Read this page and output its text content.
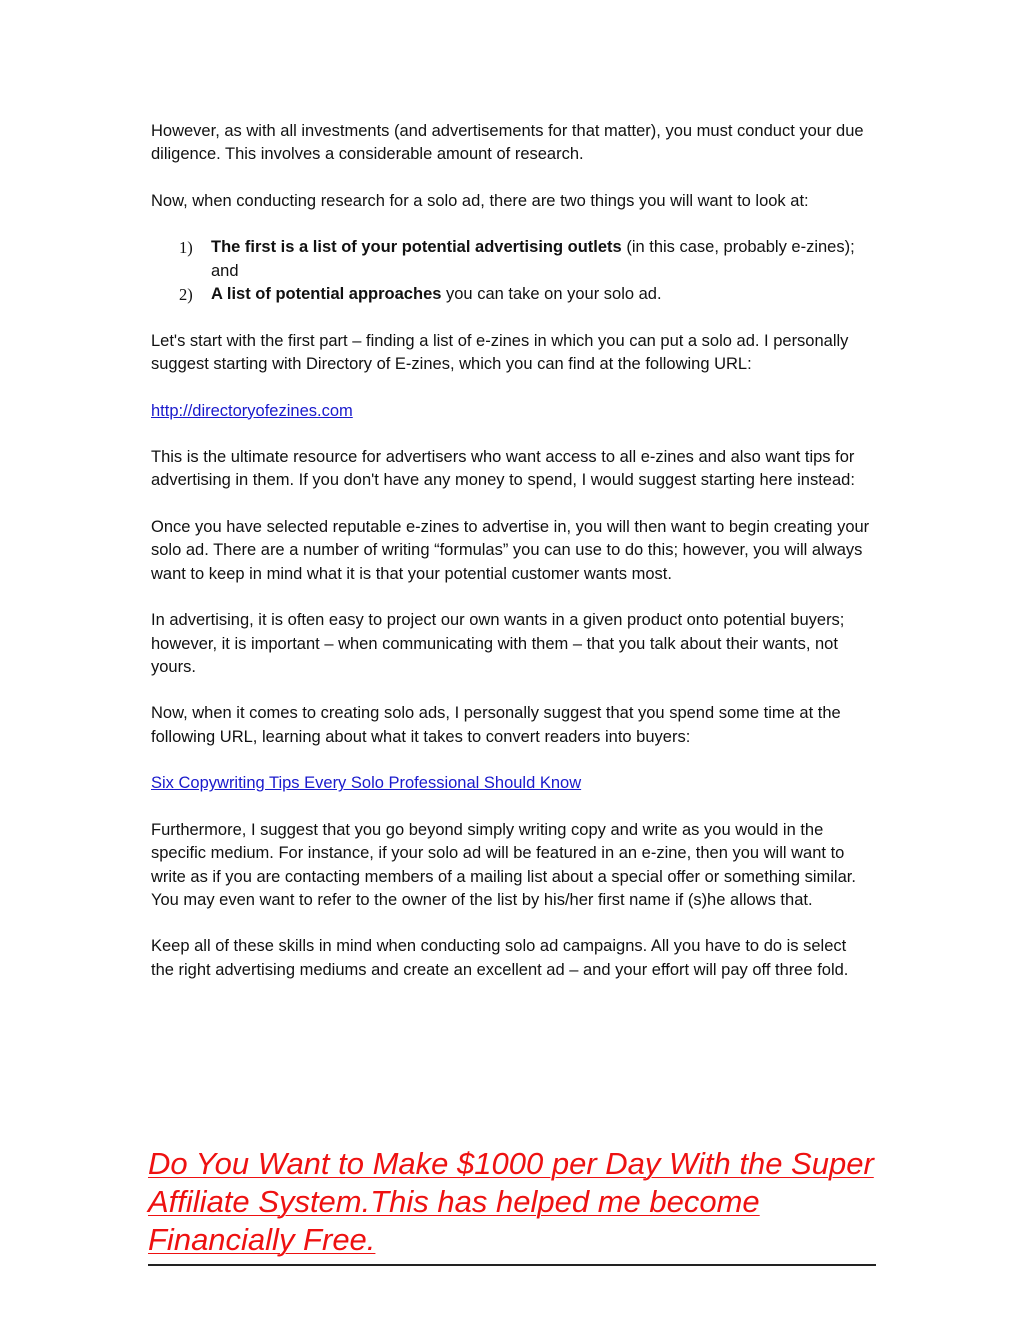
However, as with all investments (and advertisements for that matter), you must conduct your due diligence. This involves a considerable amount of research.

Now, when conducting research for a solo ad, there are two things you will want to look at:

1) The first is a list of your potential advertising outlets (in this case, probably e-zines); and
2) A list of potential approaches you can take on your solo ad.

Let's start with the first part – finding a list of e-zines in which you can put a solo ad. I personally suggest starting with Directory of E-zines, which you can find at the following URL:

http://directoryofezines.com

This is the ultimate resource for advertisers who want access to all e-zines and also want tips for advertising in them. If you don't have any money to spend, I would suggest starting here instead:

Once you have selected reputable e-zines to advertise in, you will then want to begin creating your solo ad. There are a number of writing “formulas” you can use to do this; however, you will always want to keep in mind what it is that your potential customer wants most.

In advertising, it is often easy to project our own wants in a given product onto potential buyers; however, it is important – when communicating with them – that you talk about their wants, not yours.

Now, when it comes to creating solo ads, I personally suggest that you spend some time at the following URL, learning about what it takes to convert readers into buyers:

Six Copywriting Tips Every Solo Professional Should Know

Furthermore, I suggest that you go beyond simply writing copy and write as you would in the specific medium. For instance, if your solo ad will be featured in an e-zine, then you will want to write as if you are contacting members of a mailing list about a special offer or something similar. You may even want to refer to the owner of the list by his/her first name if (s)he allows that.

Keep all of these skills in mind when conducting solo ad campaigns. All you have to do is select the right advertising mediums and create an excellent ad – and your effort will pay off three fold.

Do You Want to Make $1000 per Day With the Super
Affiliate System.This has helped me become
Financially Free.
